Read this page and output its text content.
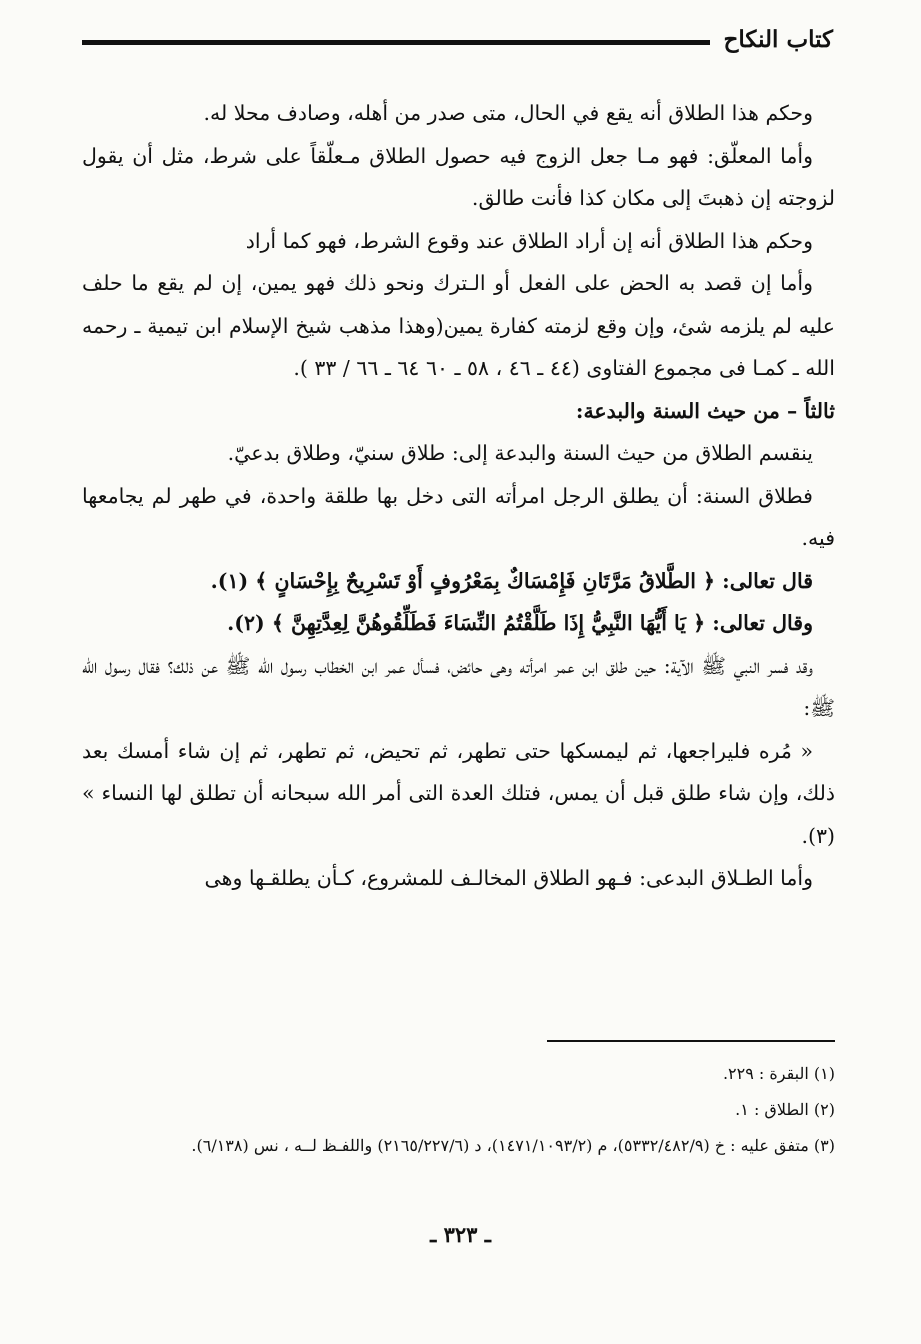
كتاب النكاح

وحكم هذا الطلاق أنه يقع في الحال، متى صدر من أهله، وصادف محلا له.

وأما المعلّق: فهو مـا جعل الزوج فيه حصول الطلاق مـعلّقاً على شرط، مثل أن يقول لزوجته إن ذهبتَ إلى مكان كذا فأنت طالق.

وحكم هذا الطلاق أنه إن أراد الطلاق عند وقوع الشرط، فهو كما أراد

وأما إن قصد به الحض على الفعل أو الـترك ونحو ذلك فهو يمين، إن لم يقع ما حلف عليه لم يلزمه شئ، وإن وقع لزمته كفارة يمين(وهذا مذهب شيخ الإسلام ابن تيمية ـ رحمه الله ـ كمـا فى مجموع الفتاوى (٤٤ ـ ٤٦ ، ٥٨ ـ ٦٠ ٦٤ ـ ٦٦ / ٣٣ ).

ثالثاً – من حيث السنة والبدعة:

ينقسم الطلاق من حيث السنة والبدعة إلى: طلاق سنيّ، وطلاق بدعيّ.

فطلاق السنة: أن يطلق الرجل امرأته التى دخل بها طلقة واحدة، في طهر لم يجامعها فيه.

قال تعالى: ﴿ الطَّلاقُ مَرَّتَانِ فَإِمْسَاكٌ بِمَعْرُوفٍ أَوْ تَسْرِيحٌ بِإِحْسَانٍ ﴾ (١).

وقال تعالى: ﴿ يَا أَيُّهَا النَّبِيُّ إِذَا طَلَّقْتُمُ النِّسَاءَ فَطَلِّقُوهُنَّ لِعِدَّتِهِنَّ ﴾ (٢).

وقد فسر النبي ﷺ الآية: حين طلق ابن عمر امرأته وهى حائض، فسأل عمر ابن الخطاب رسول الله ﷺ عن ذلك؟ فقال رسول الله ﷺ:

« مُره فليراجعها، ثم ليمسكها حتى تطهر، ثم تحيض، ثم تطهر، ثم إن شاء أمسك بعد ذلك، وإن شاء طلق قبل أن يمس، فتلك العدة التى أمر الله سبحانه أن تطلق لها النساء » (٣).

وأما الطـلاق البدعى: فـهو الطلاق المخالـف للمشروع، كـأن يطلقـها وهى

(١) البقرة : ٢٢٩.

(٢) الطلاق : ١.

(٣) متفق عليه : خ (٥٣٣٢/٤٨٢/٩)، م (١٤٧١/١٠٩٣/٢)، د (٢١٦٥/٢٢٧/٦) واللفـظ لــه ، نس (٦/١٣٨).

ـ ٣٢٣ ـ
